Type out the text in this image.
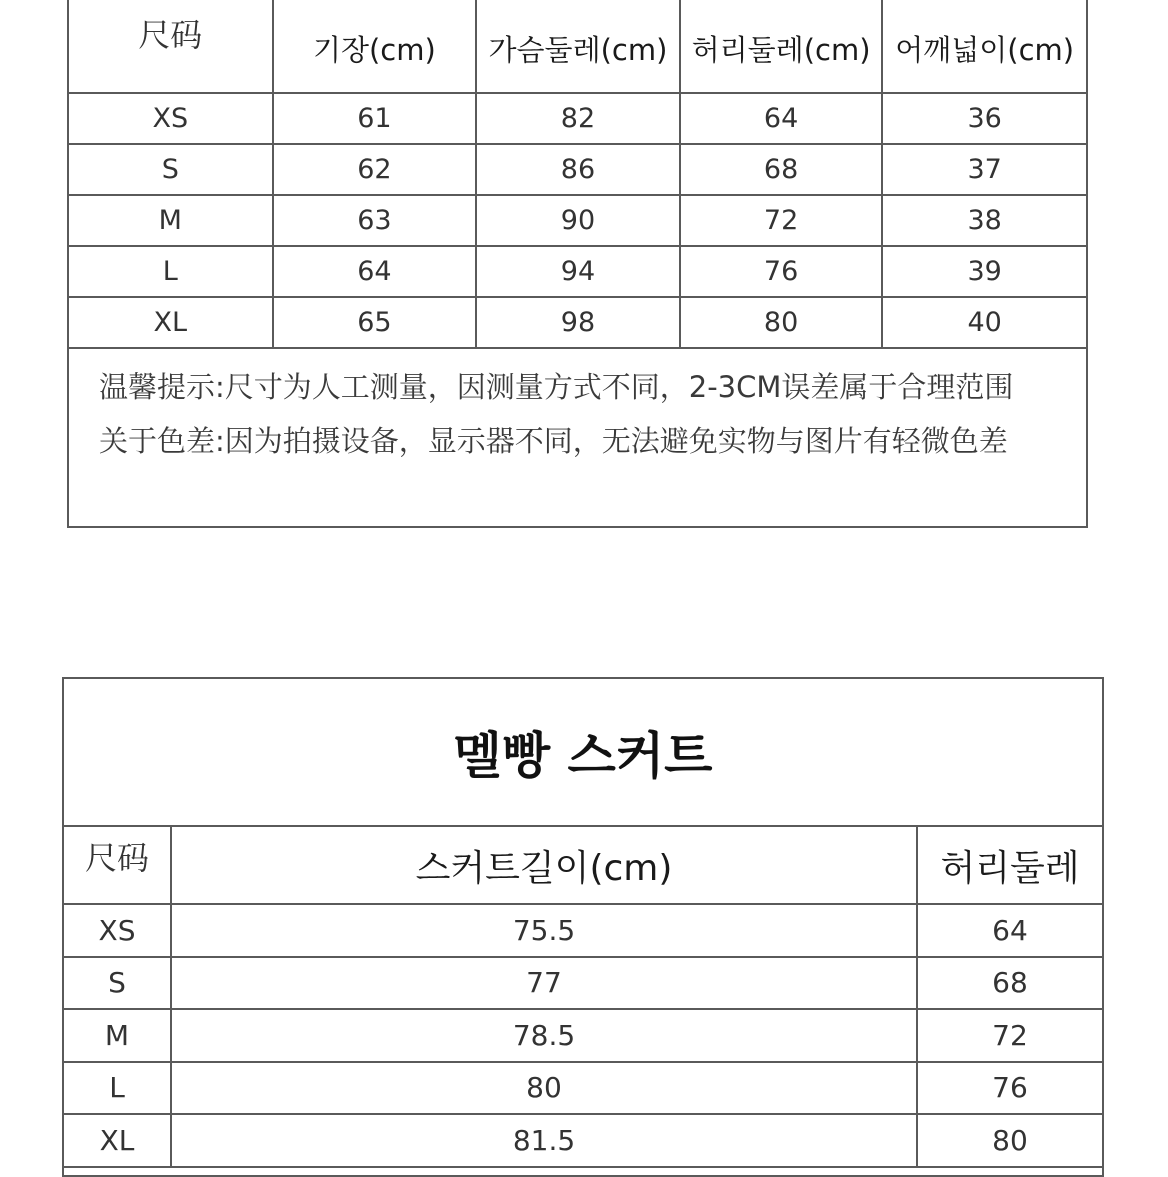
尺码	기장(cm)	가슴둘레(cm) 허리둘레(cm) 어깨넓이(cm)
XS	61	82	64	36
S	62	86	68	37
M	63	90	72	38
L	64	94	76	39
XL	65	98	80	40
温馨提示:尺寸为人工测量，因测量方式不同，2-3CM误差属于合理范围
关于色差:因为拍摄设备，显示器不同，无法避免实物与图片有轻微色差
멜빵 스커트
尺码	스커트길이(cm)	허리둘레
XS	75.5	64
S	77	68
M	78.5	72
L	80	76
XL	81.5	80
